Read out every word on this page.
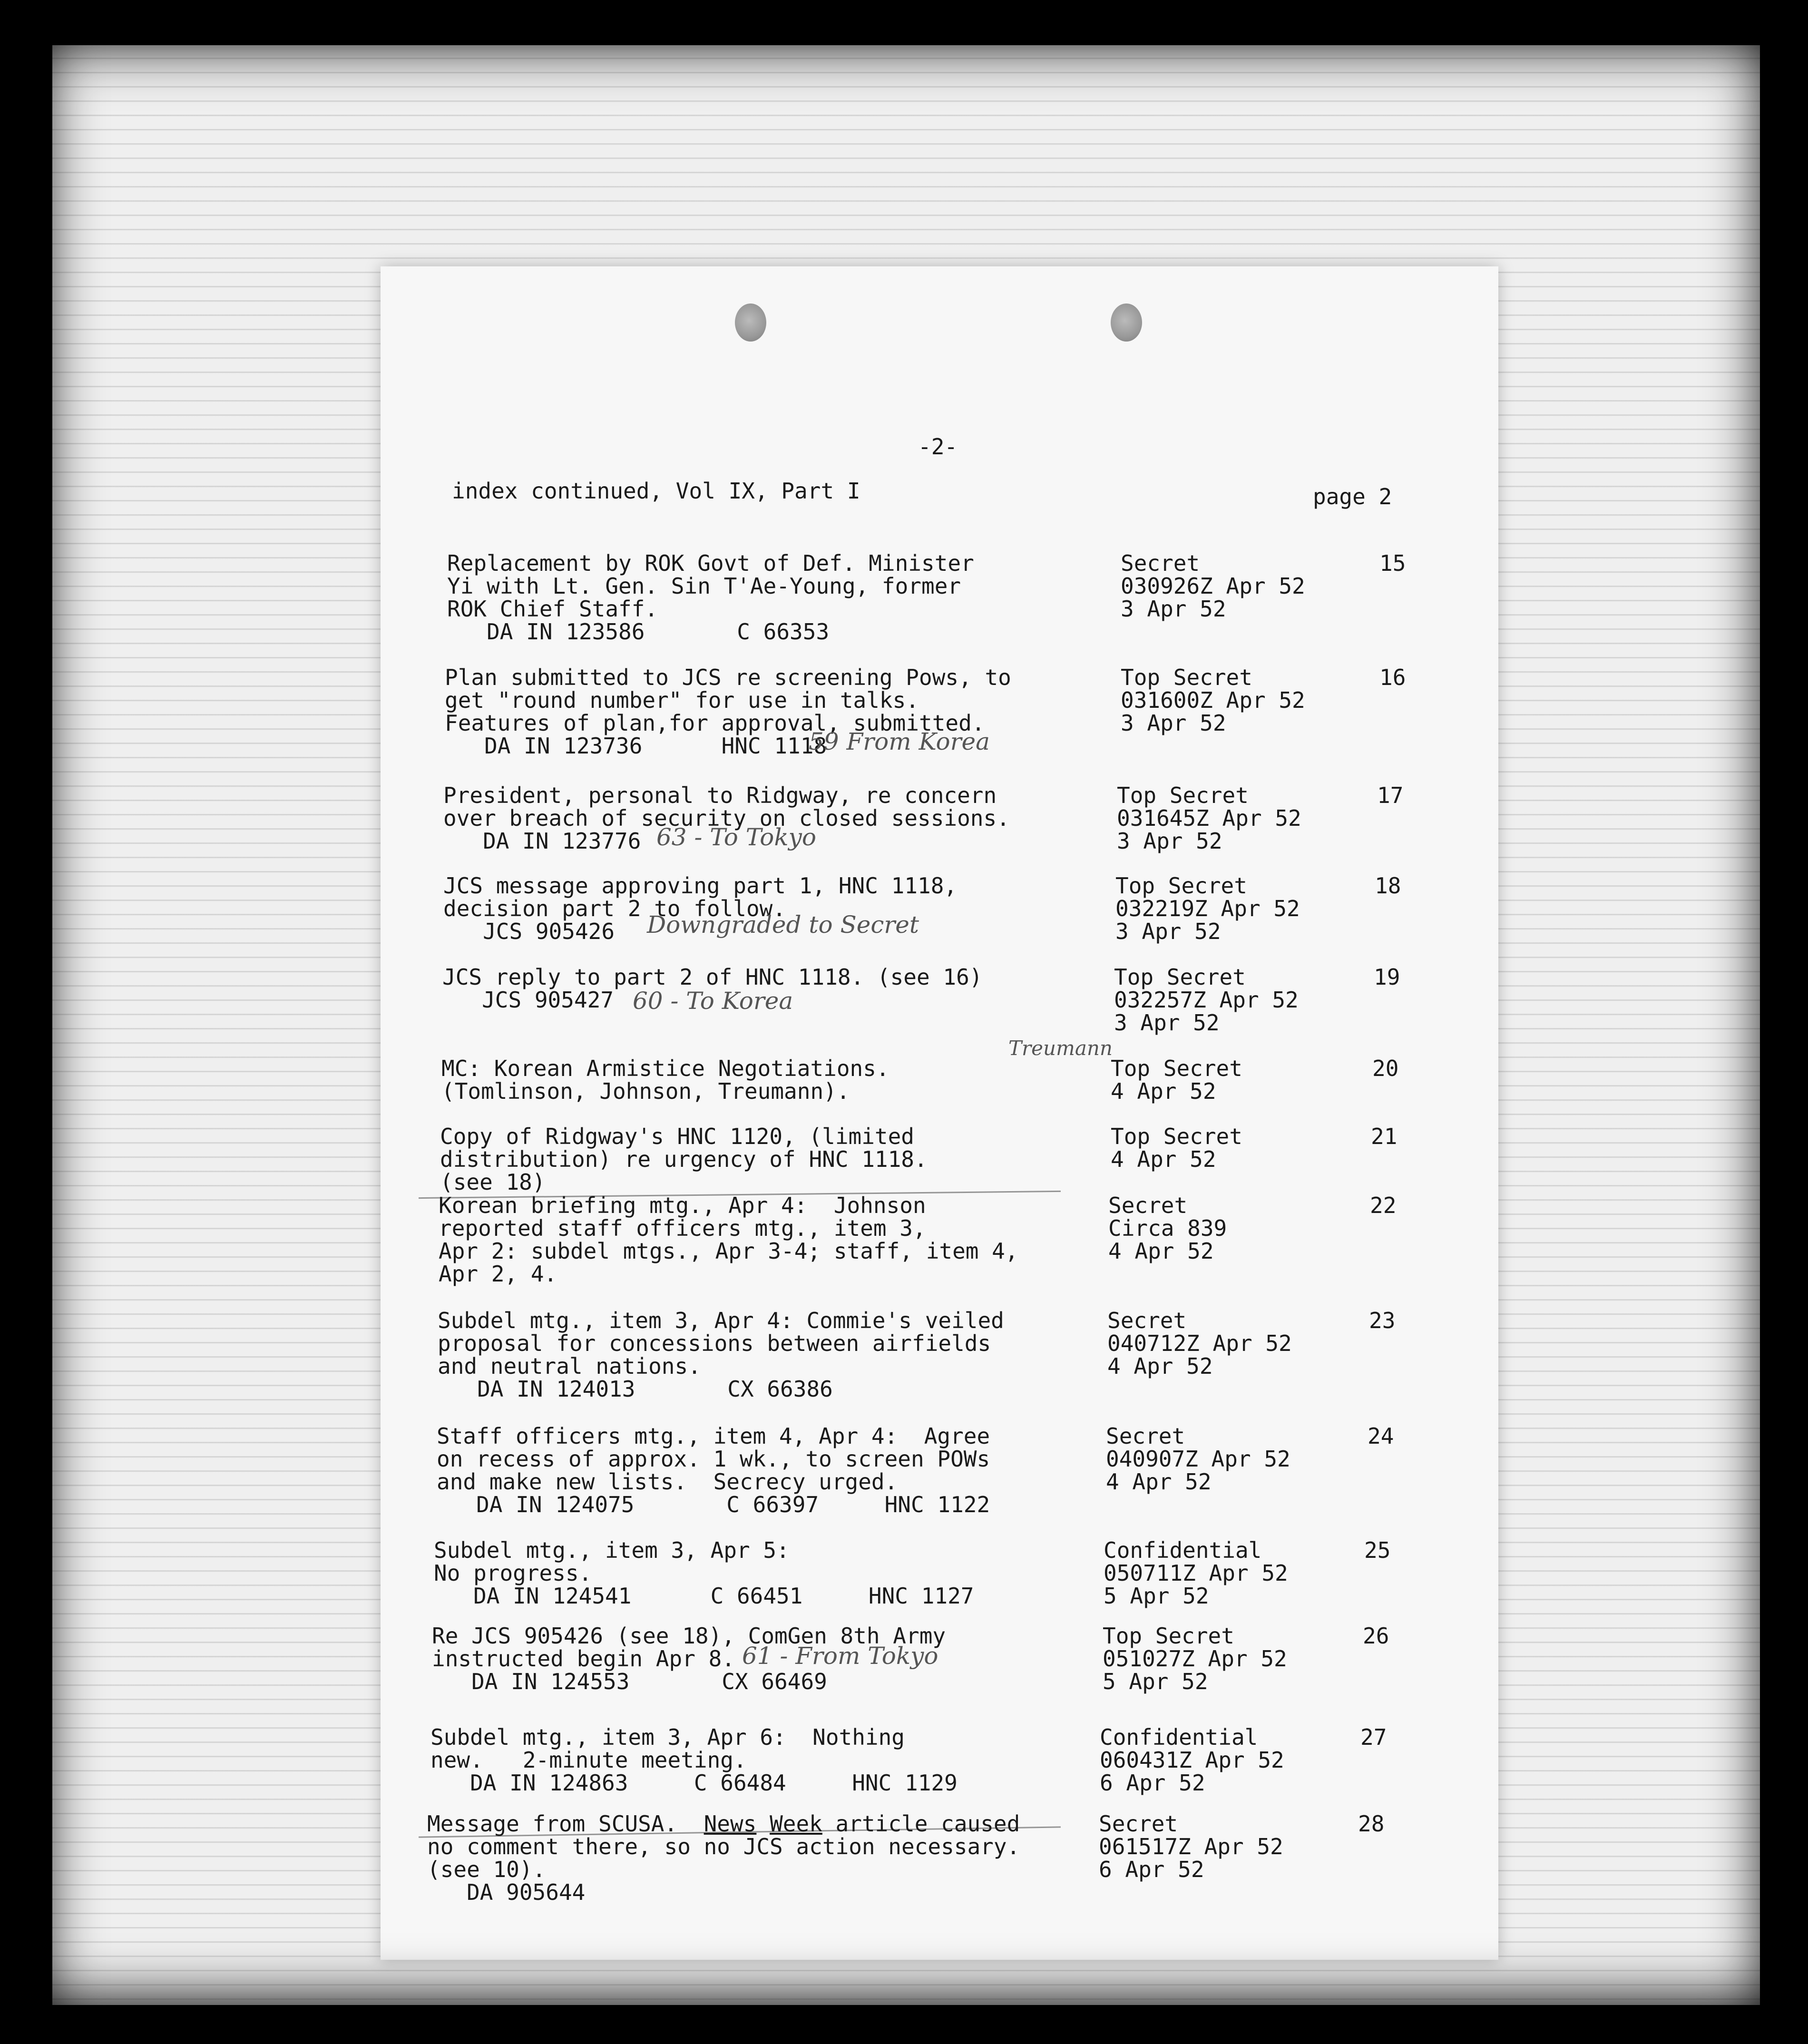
-2-
index continued, Vol IX, Part I	page 2
Replacement by ROK Govt of Def. Minister
Yi with Lt. Gen. Sin T'Ae-Young, former
ROK Chief Staff.
DA IN 123586       C 66353
Secret
030926Z Apr 52
3 Apr 52
15
Plan submitted to JCS re screening Pows, to
get "round number" for use in talks.
Features of plan,for approval, submitted.
DA IN 123736      HNC 1118
Top Secret
031600Z Apr 52
3 Apr 52
16
59 From Korea
President, personal to Ridgway, re concern
over breach of security on closed sessions.
DA IN 123776
Top Secret
031645Z Apr 52
3 Apr 52
17
63 - To Tokyo
JCS message approving part 1, HNC 1118,
decision part 2 to follow.
JCS 905426
Top Secret
032219Z Apr 52
3 Apr 52
18
Downgraded to Secret
JCS reply to part 2 of HNC 1118. (see 16)
JCS 905427
Top Secret
032257Z Apr 52
3 Apr 52
19
60 - To Korea
MC: Korean Armistice Negotiations.
(Tomlinson, Johnson, Treumann).
Top Secret
4 Apr 52
20
Treumann
Copy of Ridgway's HNC 1120, (limited
distribution) re urgency of HNC 1118.
(see 18)
Top Secret
4 Apr 52
21
Korean briefing mtg., Apr 4:  Johnson
reported staff officers mtg., item 3,
Apr 2: subdel mtgs., Apr 3-4; staff, item 4,
Apr 2, 4.
Secret
Circa 839
4 Apr 52
22
Subdel mtg., item 3, Apr 4: Commie's veiled
proposal for concessions between airfields
and neutral nations.
DA IN 124013       CX 66386
Secret
040712Z Apr 52
4 Apr 52
23
Staff officers mtg., item 4, Apr 4:  Agree
on recess of approx. 1 wk., to screen POWs
and make new lists.  Secrecy urged.
DA IN 124075       C 66397     HNC 1122
Secret
040907Z Apr 52
4 Apr 52
24
Subdel mtg., item 3, Apr 5:
No progress.
DA IN 124541      C 66451     HNC 1127
Confidential
050711Z Apr 52
5 Apr 52
25
Re JCS 905426 (see 18), ComGen 8th Army
instructed begin Apr 8.
DA IN 124553       CX 66469
Top Secret
051027Z Apr 52
5 Apr 52
26
61 - From Tokyo
Subdel mtg., item 3, Apr 6:  Nothing
new.   2-minute meeting.
DA IN 124863     C 66484     HNC 1129
Confidential
060431Z Apr 52
6 Apr 52
27
Message from SCUSA.  News Week article caused
no comment there, so no JCS action necessary.
(see 10).
DA 905644
Secret
061517Z Apr 52
6 Apr 52
28
